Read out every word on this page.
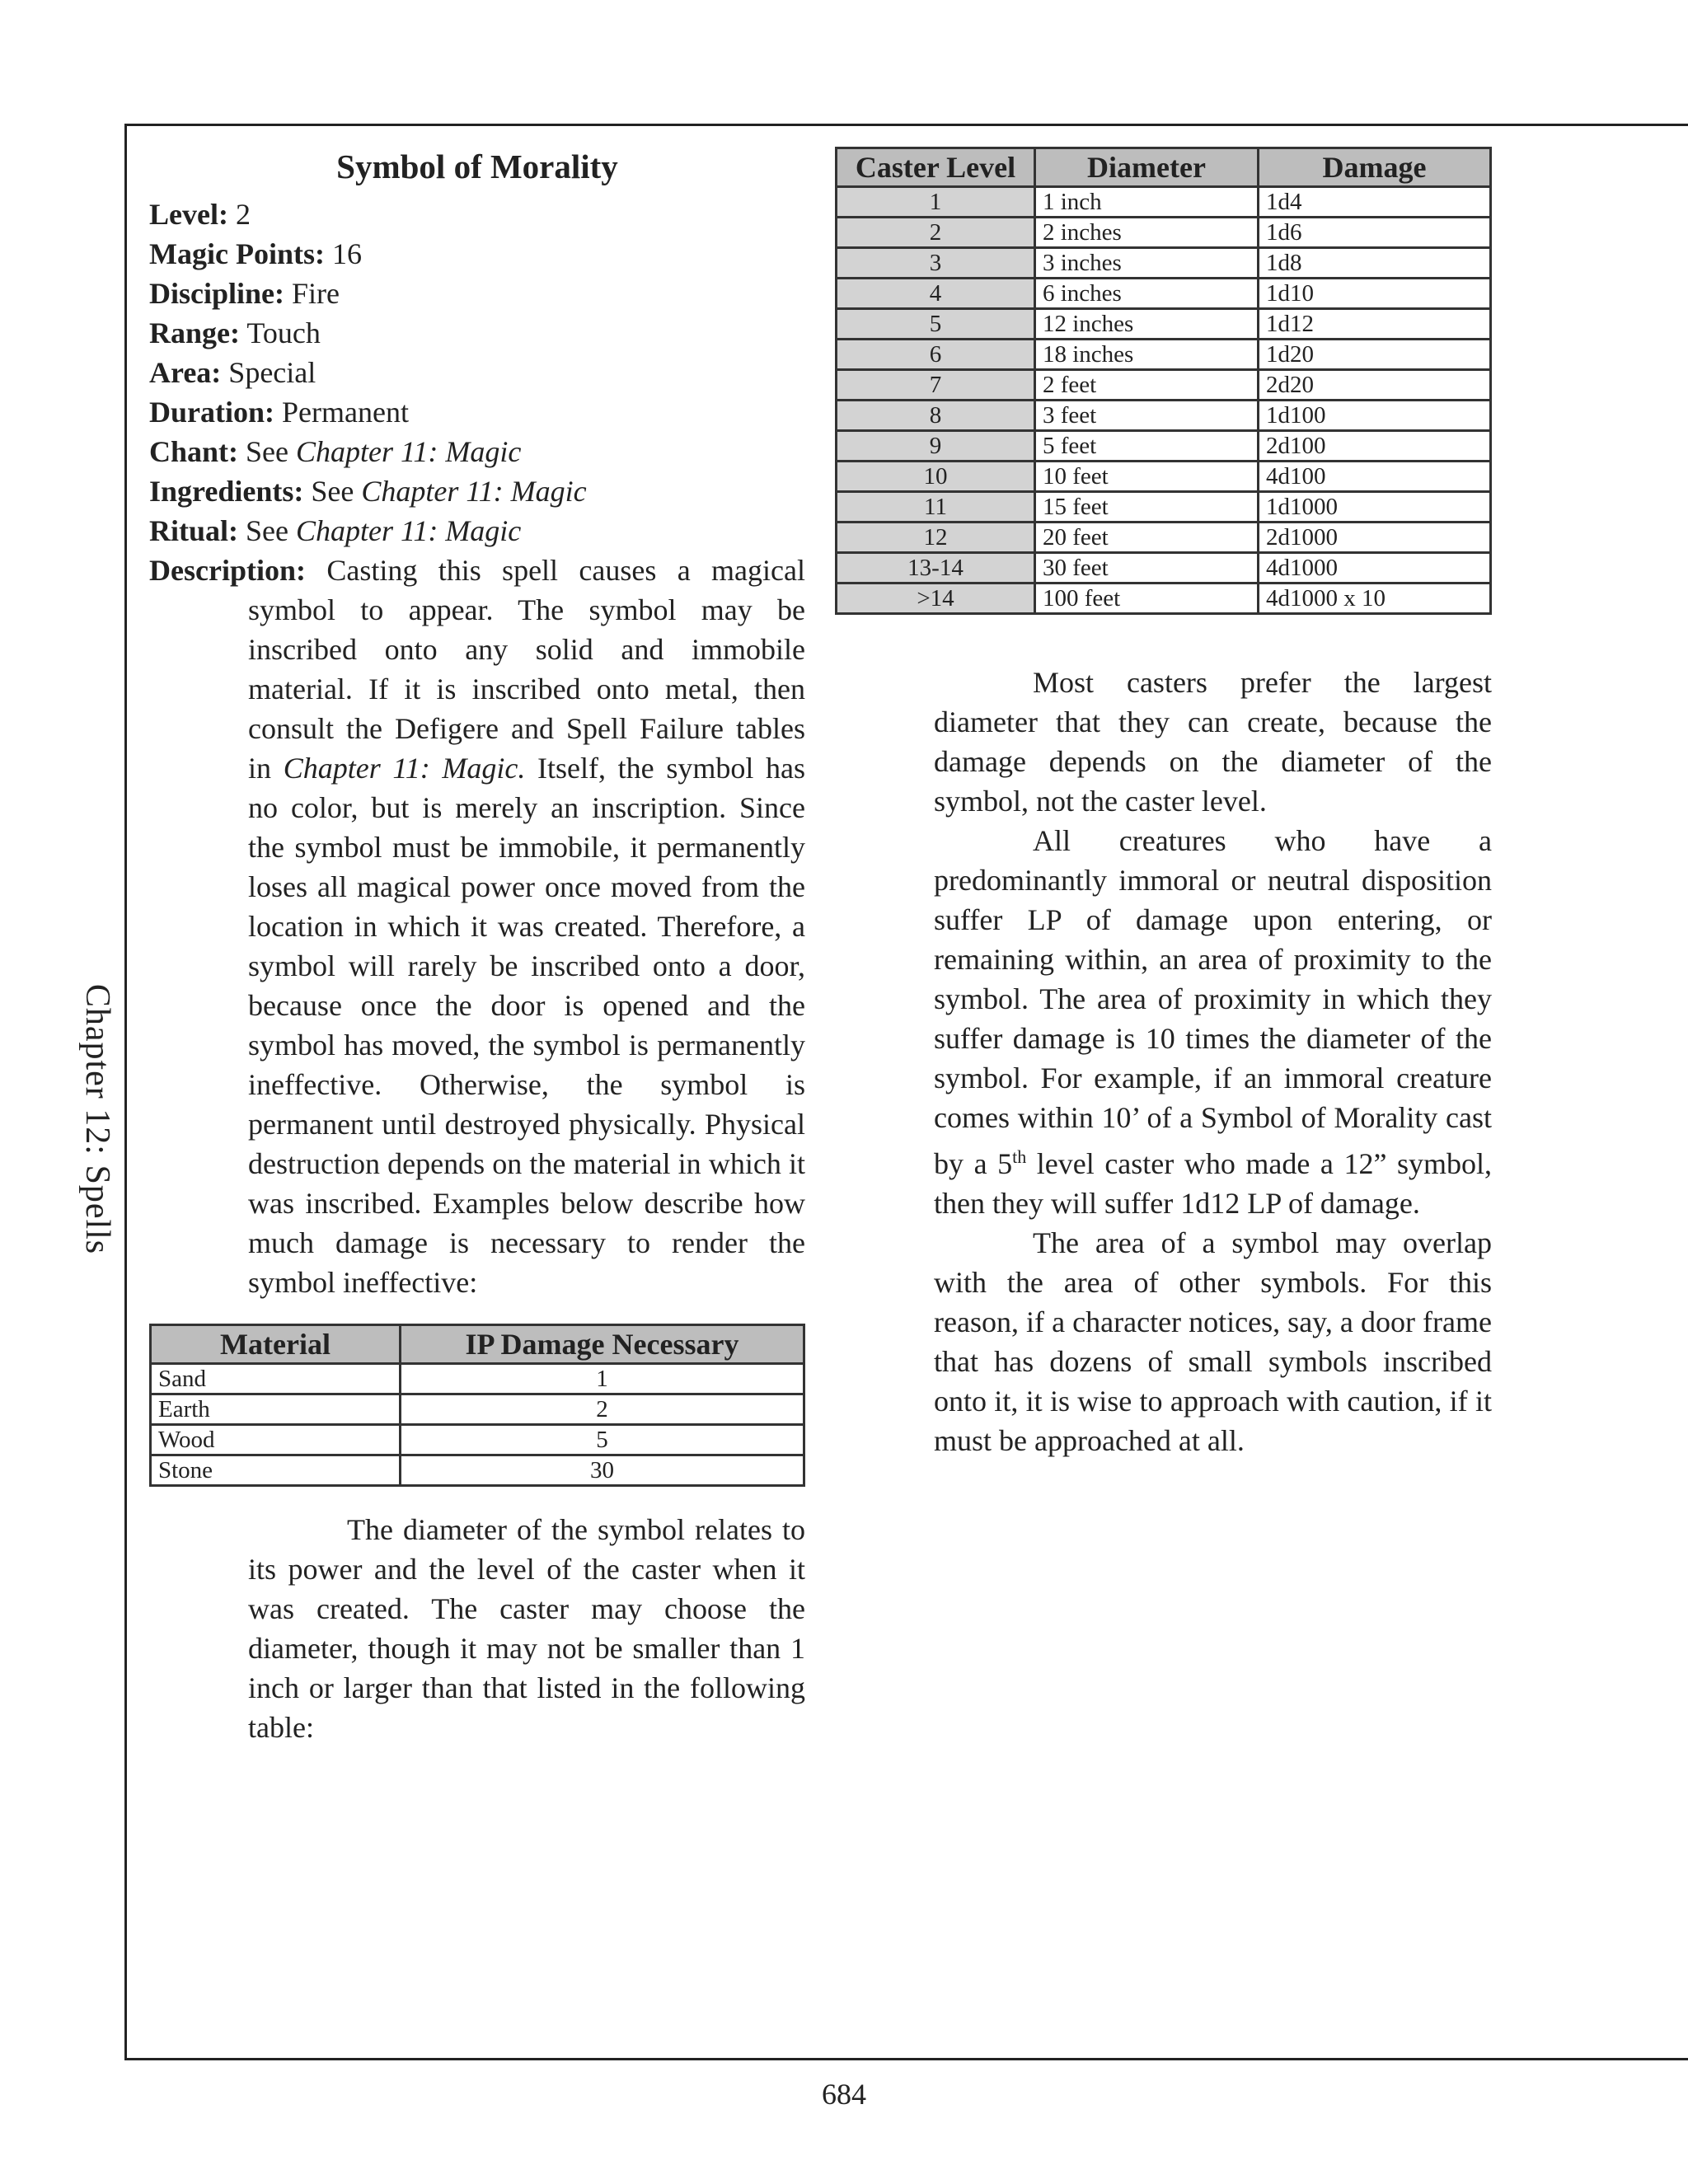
Chapter 12: Spells
Symbol of Morality
Level: 2
Magic Points: 16
Discipline: Fire
Range: Touch
Area: Special
Duration: Permanent
Chant: See Chapter 11: Magic
Ingredients: See Chapter 11: Magic
Ritual: See Chapter 11: Magic
Description: Casting this spell causes a magical

symbol to appear. The symbol may be inscribed onto any solid and immobile material. If it is inscribed onto metal, then consult the Defigere and Spell Failure tables in Chapter 11: Magic. Itself, the symbol has no color, but is merely an inscription. Since the symbol must be immobile, it permanently loses all magical power once moved from the location in which it was created. Therefore, a symbol will rarely be inscribed onto a door, because once the door is opened and the symbol has moved, the symbol is permanently ineffective. Otherwise, the symbol is permanent until destroyed physically. Physical destruction depends on the material in which it was inscribed. Examples below describe how much damage is necessary to render the symbol ineffective:

Material	IP Damage Necessary
Sand	1
Earth	2
Wood	5
Stone	30

The diameter of the symbol relates to its power and the level of the caster when it was created. The caster may choose the diameter, though it may not be smaller than 1 inch or larger than that listed in the following table:

Caster Level	Diameter	Damage
1	1 inch	1d4
2	2 inches	1d6
3	3 inches	1d8
4	6 inches	1d10
5	12 inches	1d12
6	18 inches	1d20
7	2 feet	2d20
8	3 feet	1d100
9	5 feet	2d100
10	10 feet	4d100
11	15 feet	1d1000
12	20 feet	2d1000
13-14	30 feet	4d1000
>14	100 feet	4d1000 x 10

Most casters prefer the largest diameter that they can create, because the damage depends on the diameter of the symbol, not the caster level.

All creatures who have a predominantly immoral or neutral disposition suffer LP of damage upon entering, or remaining within, an area of proximity to the symbol. The area of proximity in which they suffer damage is 10 times the diameter of the symbol. For example, if an immoral creature comes within 10’ of a Symbol of Morality cast by a 5th level caster who made a 12” symbol, then they will suffer 1d12 LP of damage.

The area of a symbol may overlap with the area of other symbols. For this reason, if a character notices, say, a door frame that has dozens of small symbols inscribed onto it, it is wise to approach with caution, if it must be approached at all.

684
